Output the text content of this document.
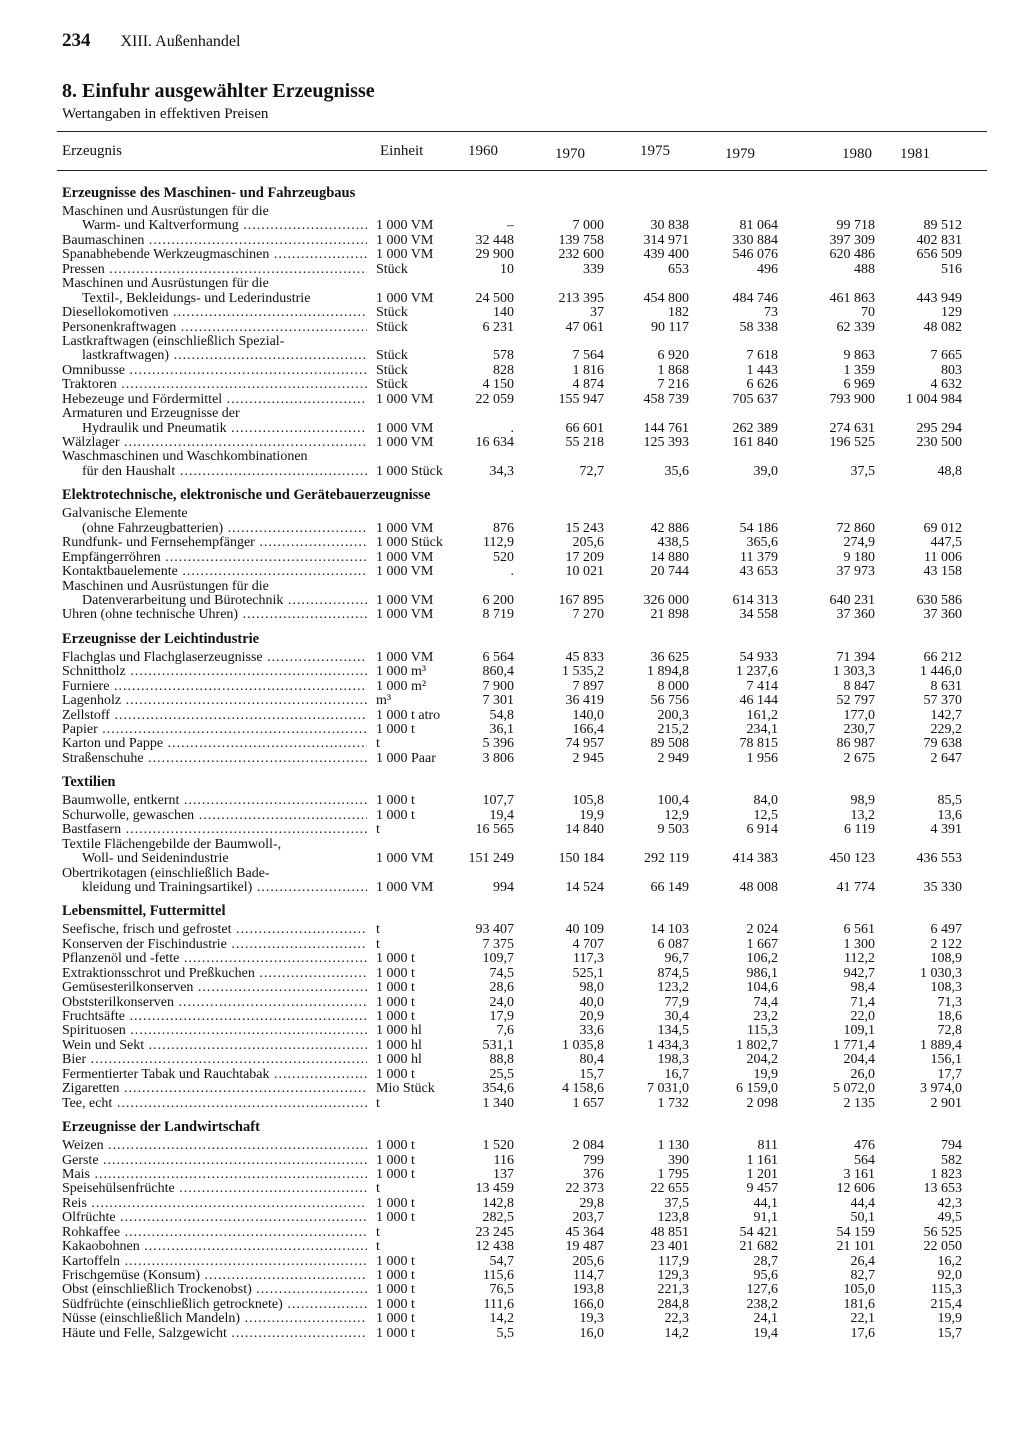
234 XIII. Außenhandel
8. Einfuhr ausgewählter Erzeugnisse
Wertangaben in effektiven Preisen
Erzeugnis	Einheit	1960	1970	1975	1979	1980	1981
Erzeugnisse des Maschinen- und Fahrzeugbaus
Maschinen und Ausrüstungen für die
Warm- und Kaltverformung .....	1 000 VM	–	7 000	30 838	81 064	99 718	89 512
Baumaschinen .....	1 000 VM	32 448	139 758	314 971	330 884	397 309	402 831
Spanabhebende Werkzeugmaschinen .....	1 000 VM	29 900	232 600	439 400	546 076	620 486	656 509
Pressen .....	Stück	10	339	653	496	488	516
Maschinen und Ausrüstungen für die
Textil-, Bekleidungs- und Lederindustrie	1 000 VM	24 500	213 395	454 800	484 746	461 863	443 949
Diesellokomotiven .....	Stück	140	37	182	73	70	129
Personenkraftwagen .....	Stück	6 231	47 061	90 117	58 338	62 339	48 082
Lastkraftwagen (einschließlich Spezial-
lastkraftwagen) .....	Stück	578	7 564	6 920	7 618	9 863	7 665
Omnibusse .....	Stück	828	1 816	1 868	1 443	1 359	803
Traktoren .....	Stück	4 150	4 874	7 216	6 626	6 969	4 632
Hebezeuge und Fördermittel .....	1 000 VM	22 059	155 947	458 739	705 637	793 900	1 004 984
Armaturen und Erzeugnisse der
Hydraulik und Pneumatik .....	1 000 VM	.	66 601	144 761	262 389	274 631	295 294
Wälzlager .....	1 000 VM	16 634	55 218	125 393	161 840	196 525	230 500
Waschmaschinen und Waschkombinationen
für den Haushalt .....	1 000 Stück	34,3	72,7	35,6	39,0	37,5	48,8
Elektrotechnische, elektronische und Gerätebauerzeugnisse
Galvanische Elemente
(ohne Fahrzeugbatterien) .....	1 000 VM	876	15 243	42 886	54 186	72 860	69 012
Rundfunk- und Fernsehempfänger .....	1 000 Stück	112,9	205,6	438,5	365,6	274,9	447,5
Empfängerröhren .....	1 000 VM	520	17 209	14 880	11 379	9 180	11 006
Kontaktbauelemente .....	1 000 VM	.	10 021	20 744	43 653	37 973	43 158
Maschinen und Ausrüstungen für die
Datenverarbeitung und Bürotechnik .....	1 000 VM	6 200	167 895	326 000	614 313	640 231	630 586
Uhren (ohne technische Uhren) .....	1 000 VM	8 719	7 270	21 898	34 558	37 360	37 360
Erzeugnisse der Leichtindustrie
Flachglas und Flachglaserzeugnisse .....	1 000 VM	6 564	45 833	36 625	54 933	71 394	66 212
Schnittholz .....	1 000 m³	860,4	1 535,2	1 894,8	1 237,6	1 303,3	1 446,0
Furniere .....	1 000 m²	7 900	7 897	8 000	7 414	8 847	8 631
Lagenholz .....	m³	7 301	36 419	56 756	46 144	52 797	57 370
Zellstoff .....	1 000 t atro	54,8	140,0	200,3	161,2	177,0	142,7
Papier .....	1 000 t	36,1	166,4	215,2	234,1	230,7	229,2
Karton und Pappe .....	t	5 396	74 957	89 508	78 815	86 987	79 638
Straßenschuhe .....	1 000 Paar	3 806	2 945	2 949	1 956	2 675	2 647
Textilien
Baumwolle, entkernt .....	1 000 t	107,7	105,8	100,4	84,0	98,9	85,5
Schurwolle, gewaschen .....	1 000 t	19,4	19,9	12,9	12,5	13,2	13,6
Bastfasern .....	t	16 565	14 840	9 503	6 914	6 119	4 391
Textile Flächengebilde der Baumwoll-,
Woll- und Seidenindustrie	1 000 VM	151 249	150 184	292 119	414 383	450 123	436 553
Obertrikotagen (einschließlich Bade-
kleidung und Trainingsartikel) .....	1 000 VM	994	14 524	66 149	48 008	41 774	35 330
Lebensmittel, Futtermittel
Seefische, frisch und gefrostet .....	t	93 407	40 109	14 103	2 024	6 561	6 497
Konserven der Fischindustrie .....	t	7 375	4 707	6 087	1 667	1 300	2 122
Pflanzenöl und -fette .....	1 000 t	109,7	117,3	96,7	106,2	112,2	108,9
Extraktionsschrot und Preßkuchen .....	1 000 t	74,5	525,1	874,5	986,1	942,7	1 030,3
Gemüsesterilkonserven .....	1 000 t	28,6	98,0	123,2	104,6	98,4	108,3
Obststerilkonserven .....	1 000 t	24,0	40,0	77,9	74,4	71,4	71,3
Fruchtsäfte .....	1 000 t	17,9	20,9	30,4	23,2	22,0	18,6
Spirituosen .....	1 000 hl	7,6	33,6	134,5	115,3	109,1	72,8
Wein und Sekt .....	1 000 hl	531,1	1 035,8	1 434,3	1 802,7	1 771,4	1 889,4
Bier .....	1 000 hl	88,8	80,4	198,3	204,2	204,4	156,1
Fermentierter Tabak und Rauchtabak .....	1 000 t	25,5	15,7	16,7	19,9	26,0	17,7
Zigaretten .....	Mio Stück	354,6	4 158,6	7 031,0	6 159,0	5 072,0	3 974,0
Tee, echt .....	t	1 340	1 657	1 732	2 098	2 135	2 901
Erzeugnisse der Landwirtschaft
Weizen .....	1 000 t	1 520	2 084	1 130	811	476	794
Gerste .....	1 000 t	116	799	390	1 161	564	582
Mais .....	1 000 t	137	376	1 795	1 201	3 161	1 823
Speisehülsenfrüchte .....	t	13 459	22 373	22 655	9 457	12 606	13 653
Reis .....	1 000 t	142,8	29,8	37,5	44,1	44,4	42,3
Ölfrüchte .....	1 000 t	282,5	203,7	123,8	91,1	50,1	49,5
Rohkaffee .....	t	23 245	45 364	48 851	54 421	54 159	56 525
Kakaobohnen .....	t	12 438	19 487	23 401	21 682	21 101	22 050
Kartoffeln .....	1 000 t	54,7	205,6	117,9	28,7	26,4	16,2
Frischgemüse (Konsum) .....	1 000 t	115,6	114,7	129,3	95,6	82,7	92,0
Obst (einschließlich Trockenobst) .....	1 000 t	76,5	193,8	221,3	127,6	105,0	115,3
Südfrüchte (einschließlich getrocknete) .....	1 000 t	111,6	166,0	284,8	238,2	181,6	215,4
Nüsse (einschließlich Mandeln) .....	1 000 t	14,2	19,3	22,3	24,1	22,1	19,9
Häute und Felle, Salzgewicht .....	1 000 t	5,5	16,0	14,2	19,4	17,6	15,7
